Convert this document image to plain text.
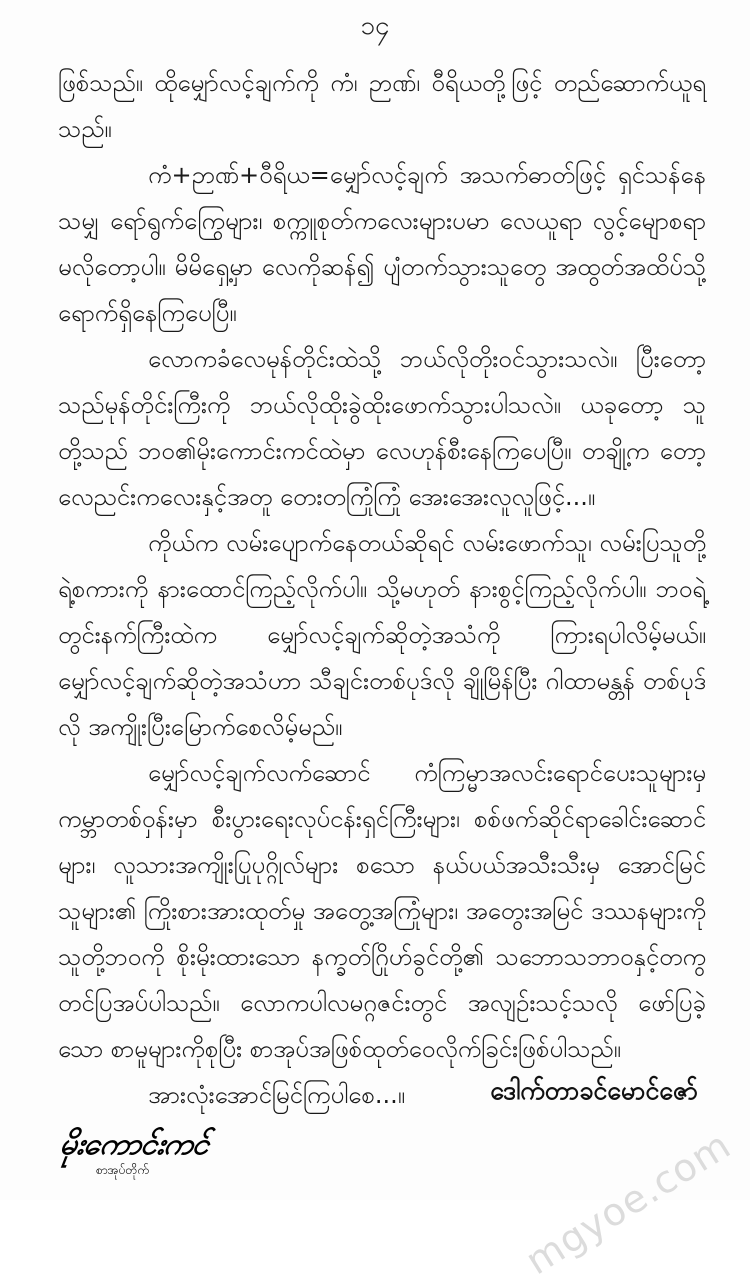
၁၄

ဖြစ်သည်။ ထိုမျှော်လင့်ချက်ကို ကံ၊ ဉာဏ်၊ ဝီရိယတို့ဖြင့် တည်ဆောက်ယူရသည်။

ကံ+ဉာဏ်+ဝီရိယ=မျှော်လင့်ချက် အသက်ဓာတ်ဖြင့် ရှင်သန်နေသမျှ ရော်ရွက်ကြွေများ၊ စက္ကူစုတ်ကလေးများပမာ လေယူရာ လွင့်မျောစရာ မလိုတော့ပါ။ မိမိရှေ့မှာ လေကိုဆန်၍ ပျံတက်သွားသူတွေ အထွတ်အထိပ်သို့ ရောက်ရှိနေကြပေပြီ။

လောကခံလေမုန်တိုင်းထဲသို့ ဘယ်လိုတိုးဝင်သွားသလဲ။ ပြီးတော့ သည်မုန်တိုင်းကြီးကို ဘယ်လိုထိုးခွဲထိုးဖောက်သွားပါသလဲ။ ယခုတော့ သူတို့သည် ဘဝ၏မိုးကောင်းကင်ထဲမှာ လေဟုန်စီးနေကြပေပြီ။ တချို့က တော့ လေညင်းကလေးနှင့်အတူ တေးတကြုံကြုံ အေးအေးလူလူဖြင့်...။

ကိုယ်က လမ်းပျောက်နေတယ်ဆိုရင် လမ်းဖောက်သူ၊ လမ်းပြသူတို့ရဲ့စကားကို နားထောင်ကြည့်လိုက်ပါ။ သို့မဟုတ် နားစွင့်ကြည့်လိုက်ပါ။ ဘဝရဲ့တွင်းနက်ကြီးထဲက မျှော်လင့်ချက်ဆိုတဲ့အသံကို ကြားရပါလိမ့်မယ်။ မျှော်လင့်ချက်ဆိုတဲ့အသံဟာ သီချင်းတစ်ပုဒ်လို ချိုမြိန်ပြီး ဂါထာမန္တန် တစ်ပုဒ်လို အကျိုးပြီးမြောက်စေလိမ့်မည်။

မျှော်လင့်ချက်လက်ဆောင် ကံကြမ္မာအလင်းရောင်ပေးသူများမှ ကမ္ဘာတစ်ဝှန်းမှာ စီးပွားရေးလုပ်ငန်းရှင်ကြီးများ၊ စစ်ဖက်ဆိုင်ရာခေါင်းဆောင်များ၊ လူသားအကျိုးပြုပုဂ္ဂိုလ်များ စသော နယ်ပယ်အသီးသီးမှ အောင်မြင်သူများ၏ ကြိုးစားအားထုတ်မှု အတွေ့အကြုံများ၊ အတွေးအမြင် ဒဿနများကို သူတို့ဘဝကို စိုးမိုးထားသော နက္ခတ်ဂြိုဟ်ခွင်တို့၏ သဘောသဘာဝနှင့်တကွ တင်ပြအပ်ပါသည်။ လောကပါလမဂ္ဂဇင်းတွင် အလျဉ်းသင့်သလို ဖော်ပြခဲ့သော စာမူများကိုစုပြီး စာအုပ်အဖြစ်ထုတ်ဝေလိုက်ခြင်းဖြစ်ပါသည်။

အားလုံးအောင်မြင်ကြပါစေ...။	ဒေါက်တာခင်မောင်ဇော်
မိုးကောင်းကင်
စာအုပ်တိုက်	mgyoe.com
